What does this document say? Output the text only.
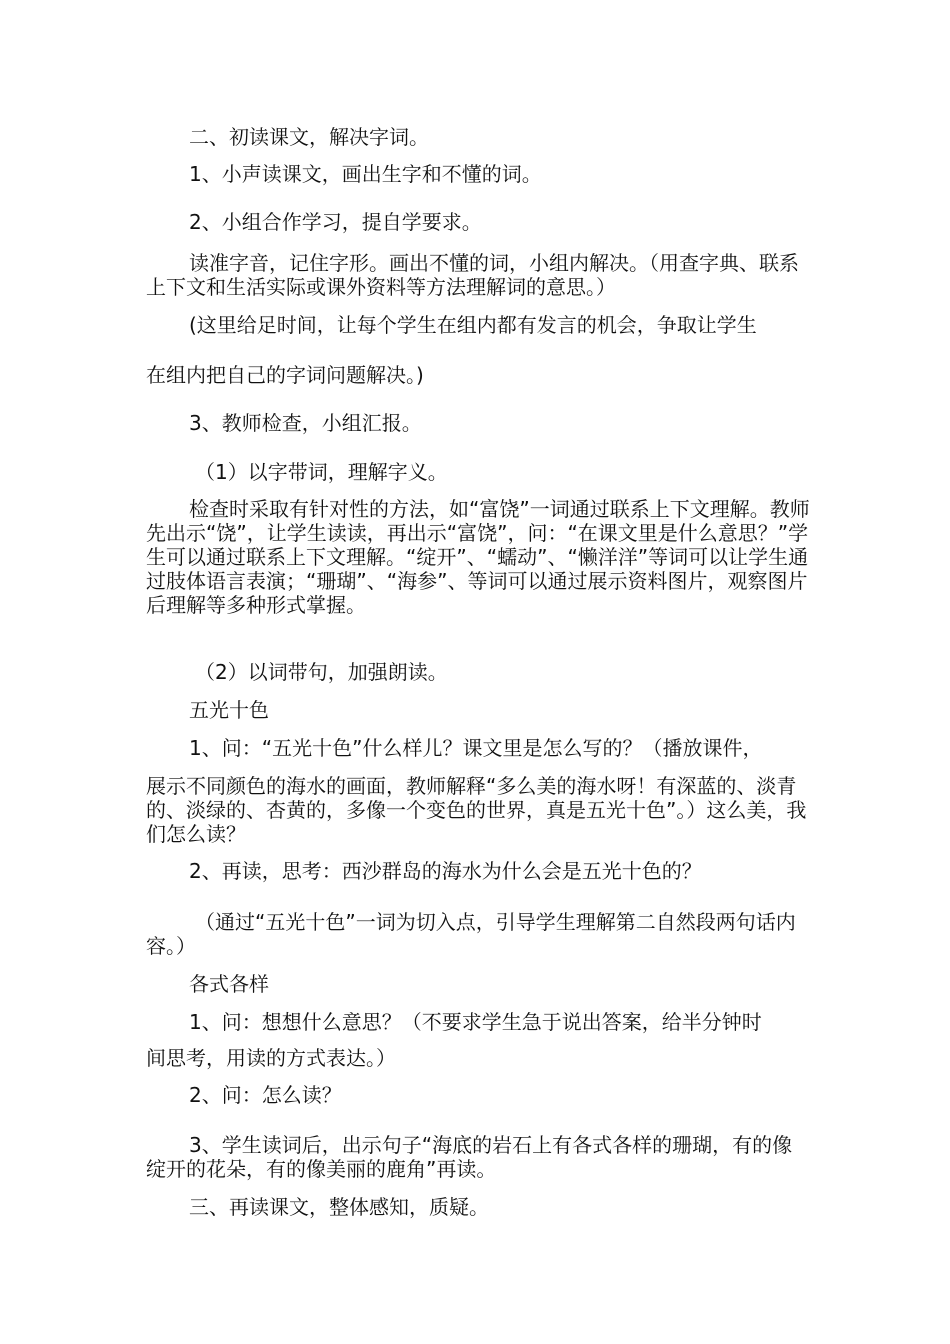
二、初读课文，解决字词。

1、小声读课文，画出生字和不懂的词。

2、小组合作学习，提自学要求。

读准字音，记住字形。画出不懂的词，小组内解决。（用查字典、联系上下文和生活实际或课外资料等方法理解词的意思。）

(这里给足时间，让每个学生在组内都有发言的机会，争取让学生

在组内把自己的字词问题解决。)

3、教师检查，小组汇报。

（1）以字带词，理解字义。

检查时采取有针对性的方法，如“富饶”一词通过联系上下文理解。教师先出示“饶”，让学生读读，再出示“富饶”，问：“在课文里是什么意思？”学生可以通过联系上下文理解。“绽开”、“蠕动”、“懒洋洋”等词可以让学生通过肢体语言表演；“珊瑚”、“海参”、等词可以通过展示资料图片，观察图片后理解等多种形式掌握。

（2）以词带句，加强朗读。

五光十色

1、问：“五光十色”什么样儿？课文里是怎么写的？（播放课件，

展示不同颜色的海水的画面，教师解释“多么美的海水呀！有深蓝的、淡青的、淡绿的、杏黄的，多像一个变色的世界，真是五光十色”。）这么美，我们怎么读？

2、再读，思考：西沙群岛的海水为什么会是五光十色的？

（通过“五光十色”一词为切入点，引导学生理解第二自然段两句话内容。）

各式各样

1、问：想想什么意思？（不要求学生急于说出答案，给半分钟时

间思考，用读的方式表达。）

2、问：怎么读？

3、学生读词后，出示句子“海底的岩石上有各式各样的珊瑚，有的像绽开的花朵，有的像美丽的鹿角”再读。

三、再读课文，整体感知，质疑。
